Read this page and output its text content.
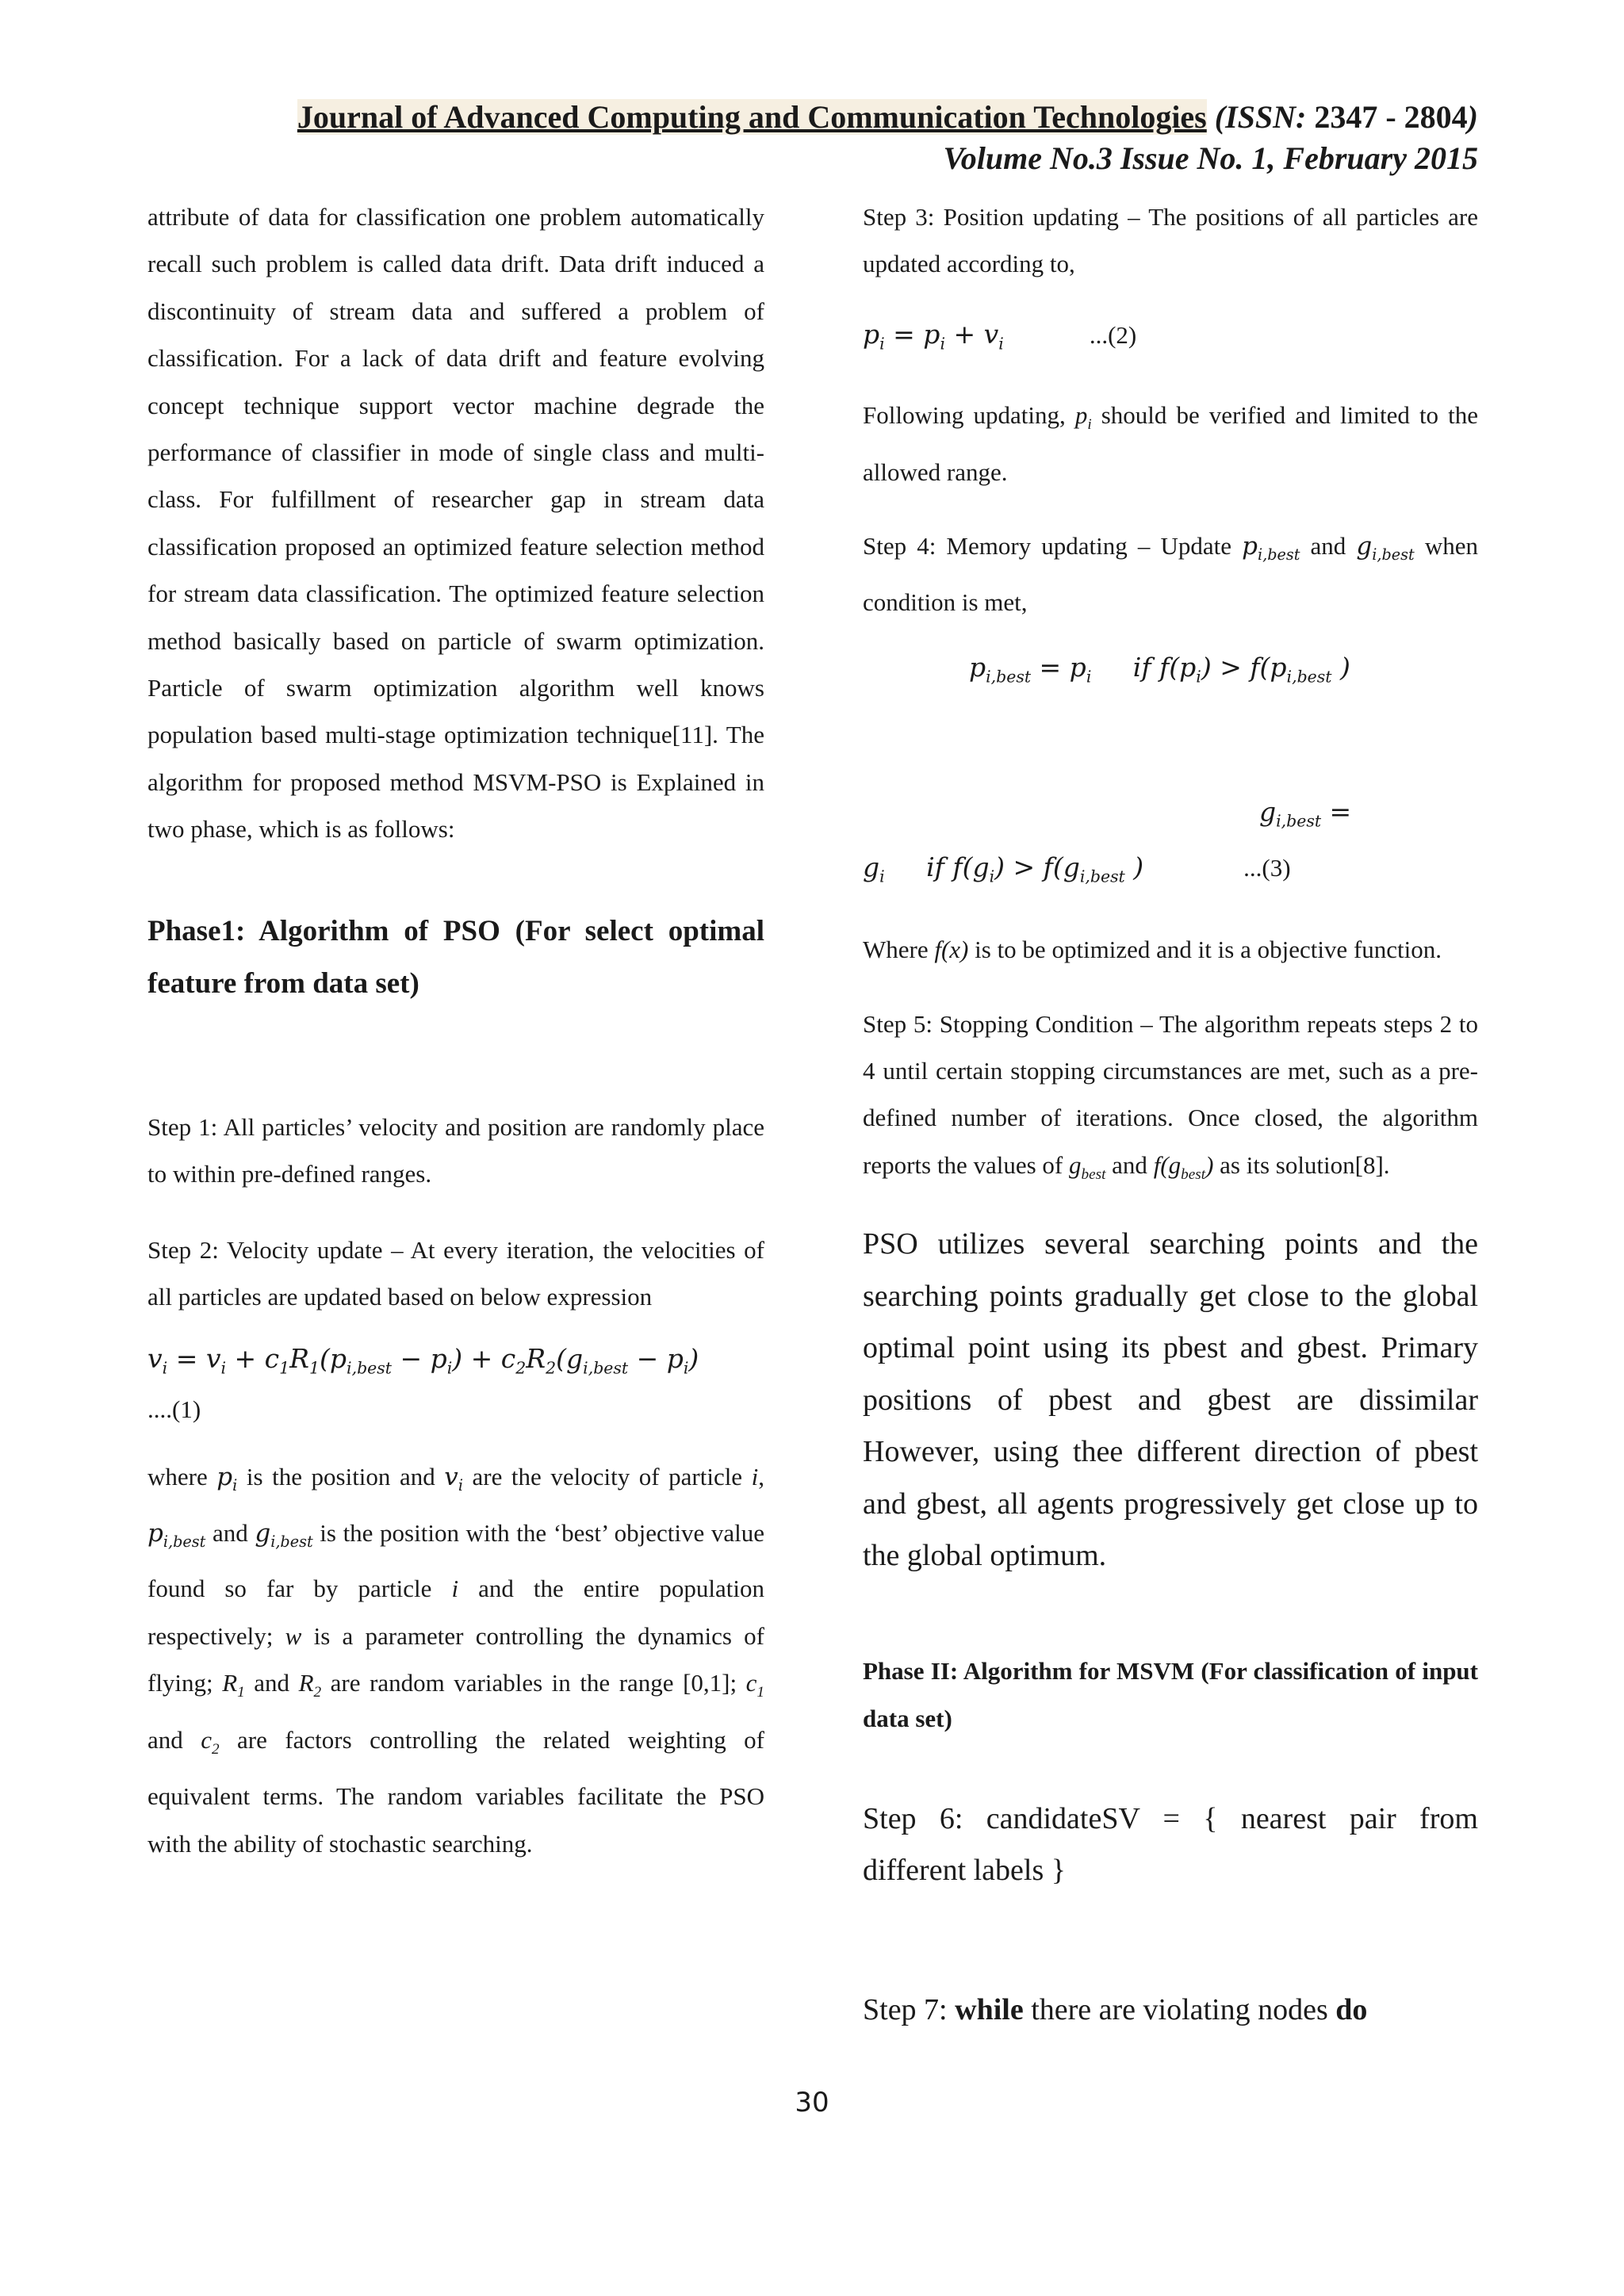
Journal of Advanced Computing and Communication Technologies (ISSN: 2347 - 2804)
Volume No.3 Issue No. 1, February 2015

attribute of data for classification one problem automatically recall such problem is called data drift. Data drift induced a discontinuity of stream data and suffered a problem of classification. For a lack of data drift and feature evolving concept technique support vector machine degrade the performance of classifier in mode of single class and multi-class. For fulfillment of researcher gap in stream data classification proposed an optimized feature selection method for stream data classification. The optimized feature selection method basically based on particle of swarm optimization. Particle of swarm optimization algorithm well knows population based multi-stage optimization technique[11]. The algorithm for proposed method MSVM-PSO is Explained in two phase, which is as follows:

Phase1: Algorithm of PSO (For select optimal feature from data set)

Step 1: All particles’ velocity and position are randomly place to within pre-defined ranges.

Step 2: Velocity update – At every iteration, the velocities of all particles are updated based on below expression

$v_i = v_i + c_1R_1(p_{i,best} - p_i) + c_2R_2(g_{i,best} - p_i)$
....(1)

where $p_i$ is the position and $v_i$ are the velocity of particle i, $p_{i,best}$ and $g_{i,best}$ is the position with the ‘best’ objective value found so far by particle i and the entire population respectively; w is a parameter controlling the dynamics of flying; $R_1$ and $R_2$ are random variables in the range [0,1]; $c_1$ and $c_2$ are factors controlling the related weighting of equivalent terms. The random variables facilitate the PSO with the ability of stochastic searching.

Step 3: Position updating – The positions of all particles are updated according to,

$p_i = p_i + v_i$	...(2)

Following updating, $p_i$ should be verified and limited to the allowed range.

Step 4: Memory updating – Update $p_{i,best}$ and $g_{i,best}$ when condition is met,

$p_{i,best} = p_i$     if $f(p_i) > f(p_{i,best}$ )
$g_{i,best}$ =
$g_i$     if $f(g_i) > f(g_{i,best}$ )	...(3)

Where f(x) is to be optimized and it is a objective function.

Step 5: Stopping Condition – The algorithm repeats steps 2 to 4 until certain stopping circumstances are met, such as a pre-defined number of iterations. Once closed, the algorithm reports the values of $g_{best}$ and $f(g_{best})$ as its solution[8].

PSO utilizes several searching points and the searching points gradually get close to the global optimal point using its pbest and gbest. Primary positions of pbest and gbest are dissimilar However, using thee different direction of pbest and gbest, all agents progressively get close up to the global optimum.

Phase II: Algorithm for MSVM (For classification of input data set)

Step 6: candidateSV = { nearest pair from different labels }

Step 7: while there are violating nodes do

30
